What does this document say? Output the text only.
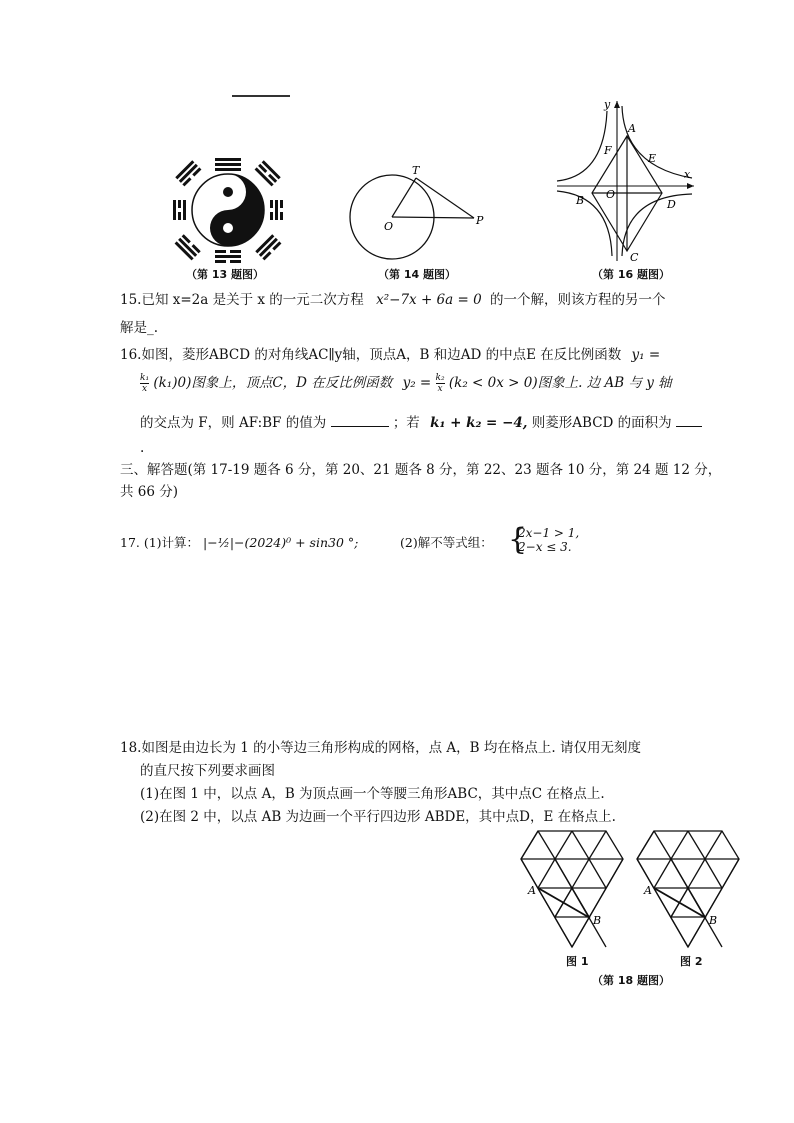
（第 13 题图）
T
O	P
（第 14 题图）
y
x
A
F
E
O
B	D
C
（第 16 题图）
15.已知 x=2a 是关于 x 的一元二次方程 x²−7x + 6a = 0 的一个解，则该方程的另一个
解是_.
16.如图，菱形ABCD 的对角线AC∥y轴，顶点A，B 和边AD 的中点E 在反比例函数 y₁ =
$\frac{\text{k₁}}{x} (k_1)0$)图象上，顶点C，D 在反比例函数 $y_2 = \frac{\text{k₂}}{x} (k_2 < 0x > 0)$图象上. 边 AB 与 y 轴
的交点为 F，则 AF:BF 的值为	；若 k₁ + k₂ = −4, 则菱形ABCD 的面积为
.
三、解答题(第 17-19 题各 6 分，第 20、21 题各 8 分，第 22、23 题各 10 分，第 24 题 12 分，
共 66 分)
17. (1)计算： |−½|−(2024)⁰ + sin30 °;	(2)解不等式组： {
2x−1 > 1,
2−x ≤ 3.
18.如图是由边长为 1 的小等边三角形构成的网格，点 A，B 均在格点上. 请仅用无刻度
的直尺按下列要求画图
(1)在图 1 中，以点 A，B 为顶点画一个等腰三角形ABC，其中点C 在格点上.
(2)在图 2 中，以点 AB 为边画一个平行四边形 ABDE，其中点D，E 在格点上.
A
B
A
B
图 1	图 2
（第 18 题图）
